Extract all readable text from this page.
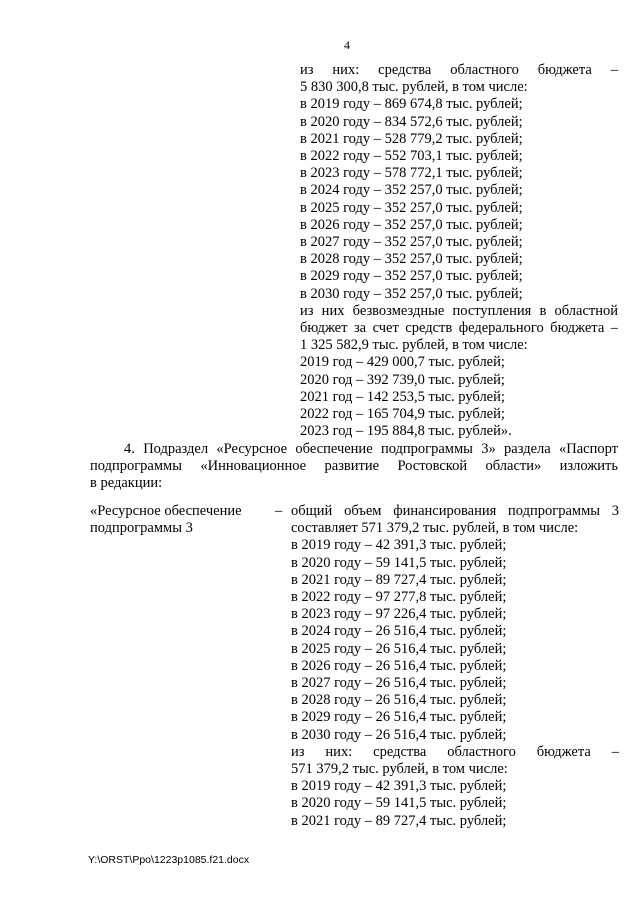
4
из них: средства областного бюджета –
5 830 300,8 тыс. рублей, в том числе:
в 2019 году – 869 674,8 тыс. рублей;
в 2020 году – 834 572,6 тыс. рублей;
в 2021 году – 528 779,2 тыс. рублей;
в 2022 году – 552 703,1 тыс. рублей;
в 2023 году – 578 772,1 тыс. рублей;
в 2024 году – 352 257,0 тыс. рублей;
в 2025 году – 352 257,0 тыс. рублей;
в 2026 году – 352 257,0 тыс. рублей;
в 2027 году – 352 257,0 тыс. рублей;
в 2028 году – 352 257,0 тыс. рублей;
в 2029 году – 352 257,0 тыс. рублей;
в 2030 году – 352 257,0 тыс. рублей;
из них безвозмездные поступления в областной
бюджет за счет средств федерального бюджета –
1 325 582,9 тыс. рублей, в том числе:
2019 год – 429 000,7 тыс. рублей;
2020 год – 392 739,0 тыс. рублей;
2021 год – 142 253,5 тыс. рублей;
2022 год – 165 704,9 тыс. рублей;
2023 год – 195 884,8 тыс. рублей».
4. Подраздел «Ресурсное обеспечение подпрограммы 3» раздела «Паспорт
подпрограммы «Инновационное развитие Ростовской области» изложить
в редакции:
«Ресурсное обеспечение
подпрограммы 3
– общий объем финансирования подпрограммы 3
составляет 571 379,2 тыс. рублей, в том числе:
в 2019 году – 42 391,3 тыс. рублей;
в 2020 году – 59 141,5 тыс. рублей;
в 2021 году – 89 727,4 тыс. рублей;
в 2022 году – 97 277,8 тыс. рублей;
в 2023 году – 97 226,4 тыс. рублей;
в 2024 году – 26 516,4 тыс. рублей;
в 2025 году – 26 516,4 тыс. рублей;
в 2026 году – 26 516,4 тыс. рублей;
в 2027 году – 26 516,4 тыс. рублей;
в 2028 году – 26 516,4 тыс. рублей;
в 2029 году – 26 516,4 тыс. рублей;
в 2030 году – 26 516,4 тыс. рублей;
из них: средства областного бюджета –
571 379,2 тыс. рублей, в том числе:
в 2019 году – 42 391,3 тыс. рублей;
в 2020 году – 59 141,5 тыс. рублей;
в 2021 году – 89 727,4 тыс. рублей;
Y:\ORST\Ppo\1223p1085.f21.docx
